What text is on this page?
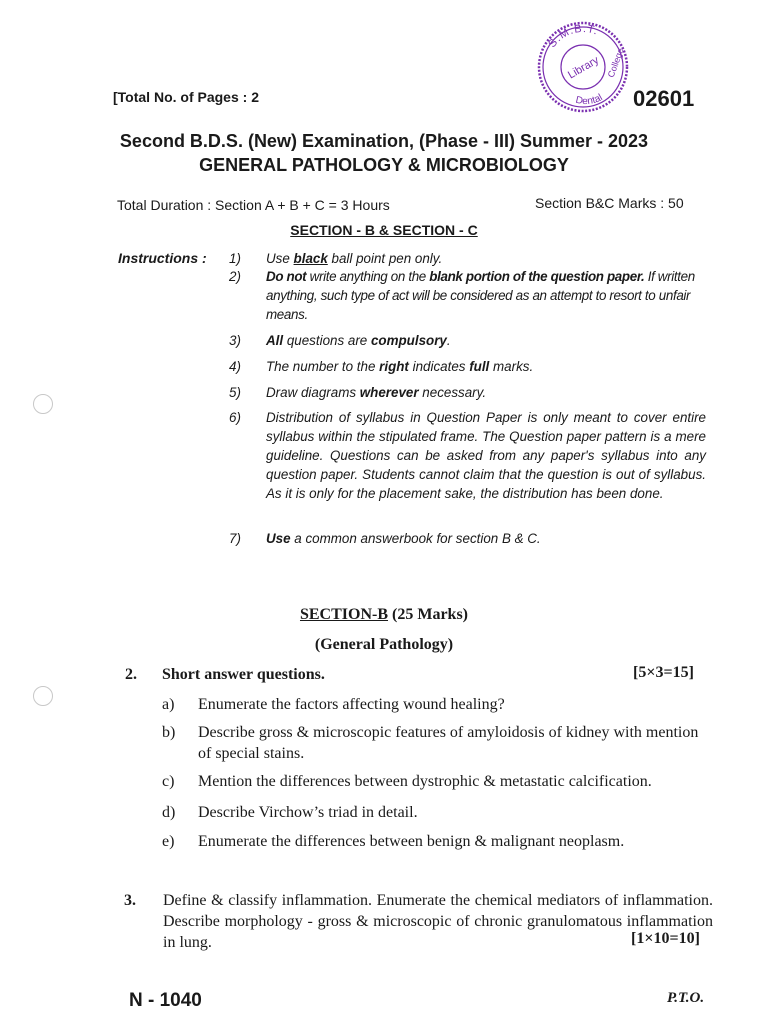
[Total No. of Pages : 2
S.M.B.T.
Dental
College
Library
02601
Second B.D.S. (New) Examination, (Phase - III) Summer - 2023
GENERAL PATHOLOGY & MICROBIOLOGY
Total Duration : Section A + B + C = 3 Hours	Section B&C Marks : 50
SECTION - B & SECTION - C
Instructions : 1) Use black ball point pen only.
2) Do not write anything on the blank portion of the question paper. If written anything, such type of act will be considered as an attempt to resort to unfair means.
3) All questions are compulsory.
4) The number to the right indicates full marks.
5) Draw diagrams wherever necessary.
6) Distribution of syllabus in Question Paper is only meant to cover entire syllabus within the stipulated frame. The Question paper pattern is a mere guideline. Questions can be asked from any paper's syllabus into any question paper. Students cannot claim that the question is out of syllabus. As it is only for the placement sake, the distribution has been done.
7) Use a common answerbook for section B & C.
SECTION-B (25 Marks)
(General Pathology)
2. Short answer questions.	[5×3=15]
a) Enumerate the factors affecting wound healing?
b) Describe gross & microscopic features of amyloidosis of kidney with mention of special stains.
c) Mention the differences between dystrophic & metastatic calcification.
d) Describe Virchow’s triad in detail.
e) Enumerate the differences between benign & malignant neoplasm.
3. Define & classify inflammation. Enumerate the chemical mediators of inflammation. Describe morphology - gross & microscopic of chronic granulomatous inflammation in lung.	[1×10=10]
N - 1040	P.T.O.
